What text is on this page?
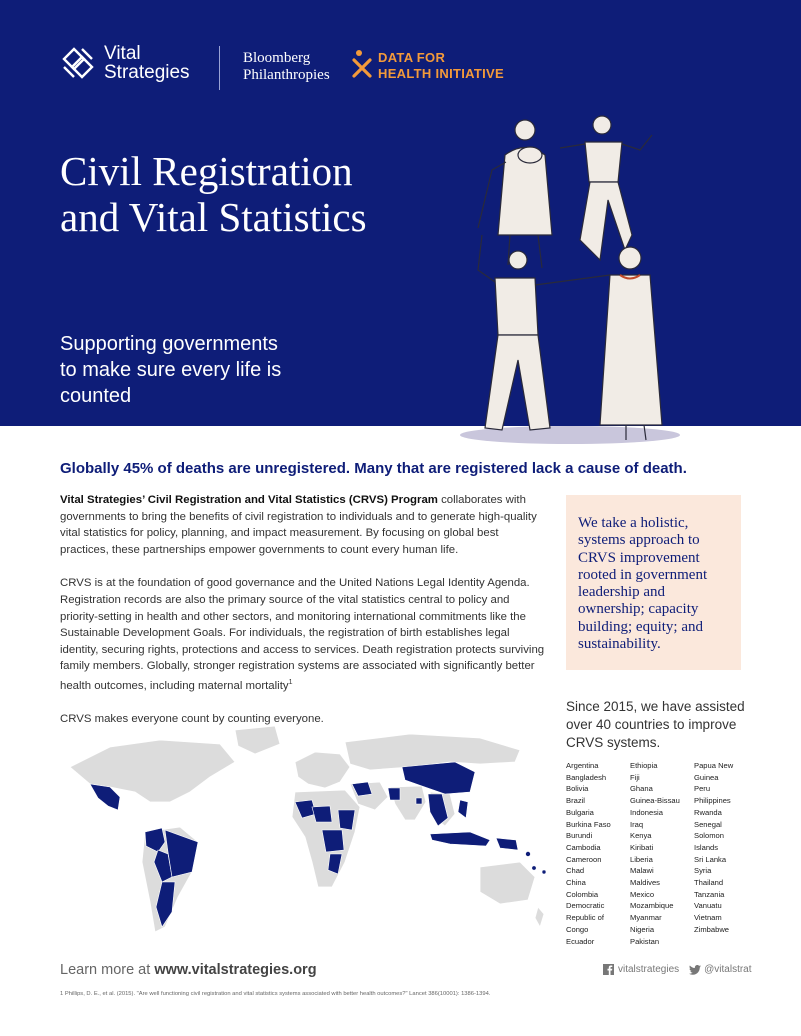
Vital
Strategies
Bloomberg
Philanthropies
DATA FOR
HEALTH INITIATIVE
Civil Registration and Vital Statistics
Supporting governments to make sure every life is counted
Globally 45% of deaths are unregistered. Many that are registered lack a cause of death.

Vital Strategies’ Civil Registration and Vital Statistics (CRVS) Program collaborates with governments to bring the benefits of civil registration to individuals and to generate high-quality vital statistics for policy, planning, and impact measurement. By focusing on global best practices, these partnerships empower governments to count every human life.

CRVS is at the foundation of good governance and the United Nations Legal Identity Agenda. Registration records are also the primary source of the vital statistics central to policy and priority-setting in health and other sectors, and monitoring international commitments like the Sustainable Development Goals. For individuals, the registration of birth establishes legal identity, securing rights, protections and access to services. Death registration protects surviving family members. Globally, stronger registration systems are associated with significantly better health outcomes, including maternal mortality$^1$

CRVS makes everyone count by counting everyone.

We take a holistic, systems approach to CRVS improvement rooted in government leadership and ownership; capacity building; equity; and sustainability.
Since 2015, we have assisted over 40 countries to improve CRVS systems.
Argentina
Bangladesh
Bolivia
Brazil
Bulgaria
Burkina Faso
Burundi
Cambodia
Cameroon
Chad
China
Colombia
Democratic
Republic of
Congo
Ecuador
Ethiopia
Fiji
Ghana
Guinea-Bissau
Indonesia
Iraq
Kenya
Kiribati
Liberia
Malawi
Maldives
Mexico
Mozambique
Myanmar
Nigeria
Pakistan
Papua New
Guinea
Peru
Philippines
Rwanda
Senegal
Solomon
Islands
Sri Lanka
Syria
Thailand
Tanzania
Vanuatu
Vietnam
Zimbabwe
Learn more at www.vitalstrategies.org	vitalstrategies	@vitalstrat
1 Phillips, D. E., et al. (2015). "Are well functioning civil registration and vital statistics systems associated with better health outcomes?" Lancet 386(10001): 1386-1394.
